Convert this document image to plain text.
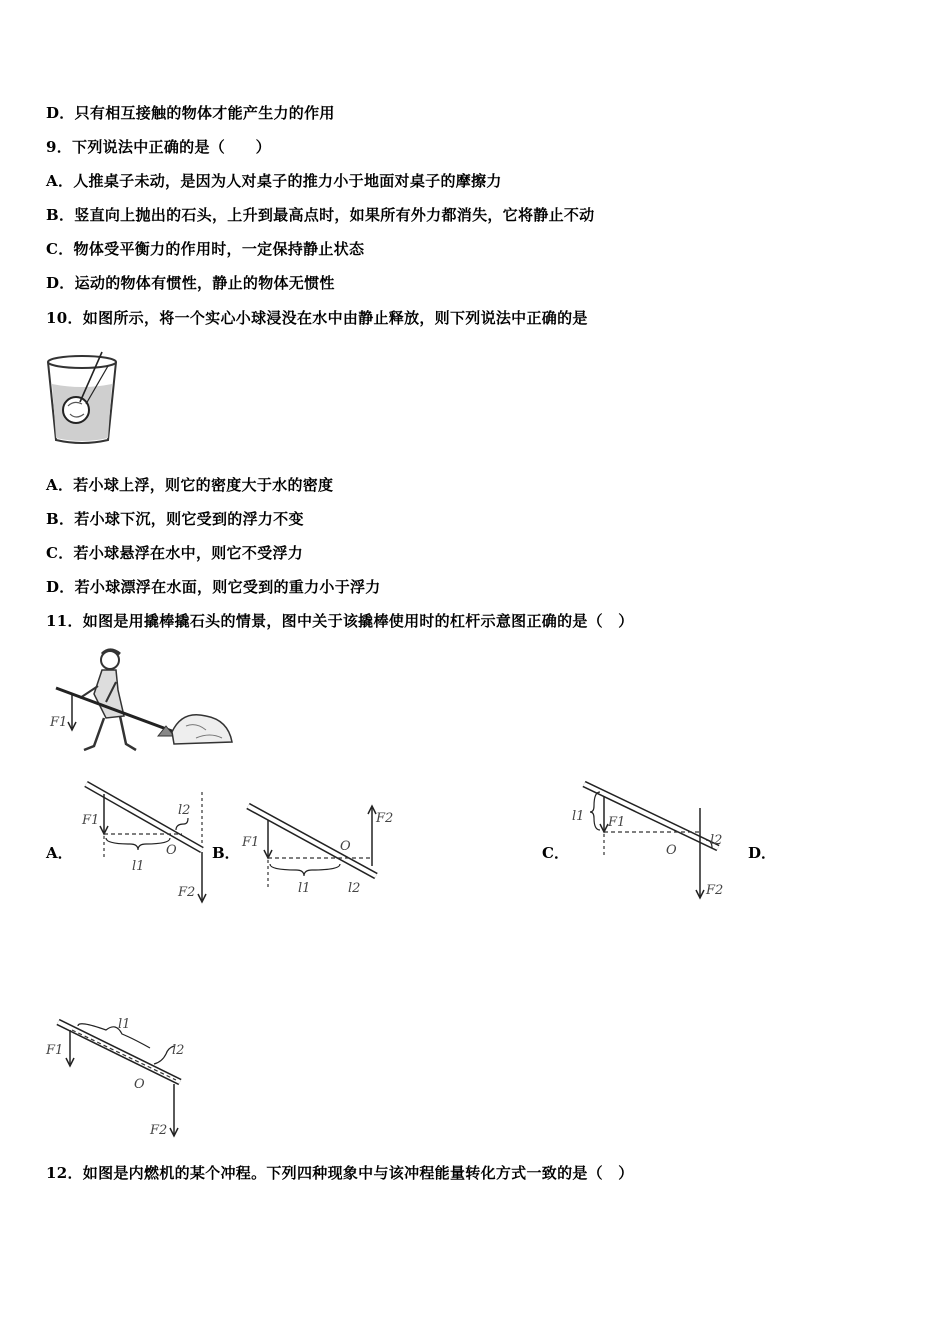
D．只有相互接触的物体才能产生力的作用
9．下列说法中正确的是（　　）
A．人推桌子未动，是因为人对桌子的推力小于地面对桌子的摩擦力
B．竖直向上抛出的石头，上升到最高点时，如果所有外力都消失，它将静止不动
C．物体受平衡力的作用时，一定保持静止状态
D．运动的物体有惯性，静止的物体无惯性
10．如图所示，将一个实心小球浸没在水中由静止释放，则下列说法中正确的是
A．若小球上浮，则它的密度大于水的密度
B．若小球下沉，则它受到的浮力不变
C．若小球悬浮在水中，则它不受浮力
D．若小球漂浮在水面，则它受到的重力小于浮力
11．如图是用撬棒撬石头的情景，图中关于该撬棒使用时的杠杆示意图正确的是（　）
F1
A．
F1
l2
O
l1
F2
B．
F1	O
F2
l1	l2
C．
l1 F1
O
l2
F2
D．
F1
l1
l2
O
F2
12．如图是内燃机的某个冲程。下列四种现象中与该冲程能量转化方式一致的是（　）
